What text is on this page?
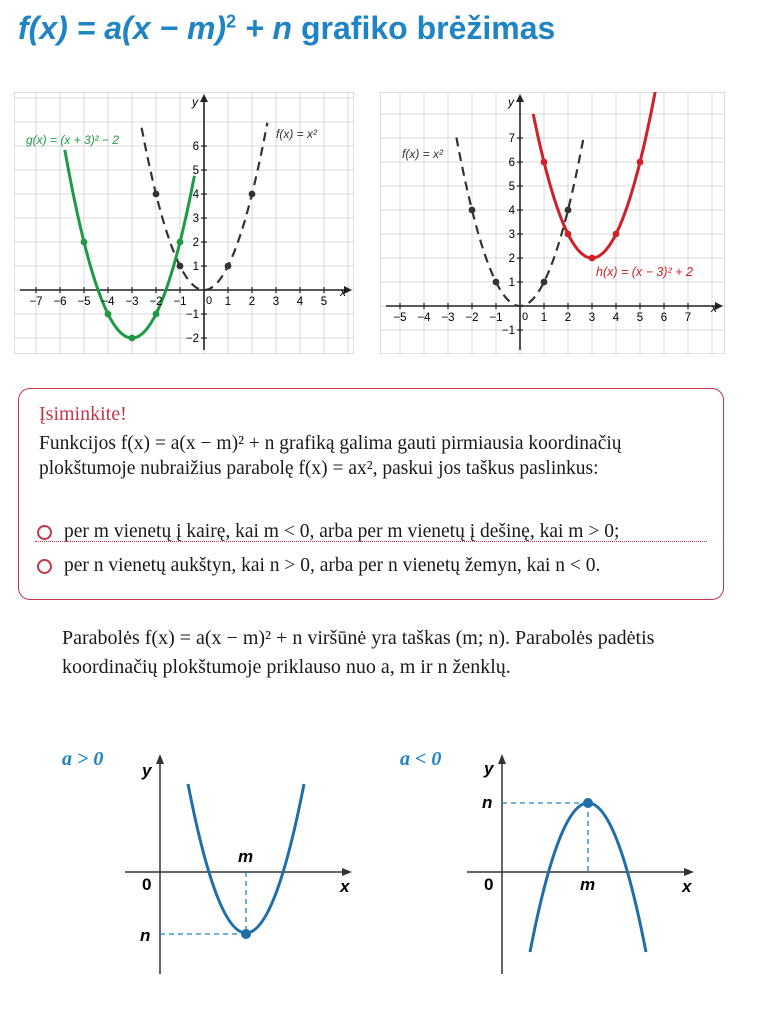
$f(x) = a(x - m)^2 + n$ grafiko brėžimas
x
y
0
−7 −6 −5 −4 −3 −2 −1	1 2 3 4 5
6
5
4
3
2
1
−1
−2
g(x) = (x + 3)² − 2	f(x) = x²
x
y
0
−5 −4 −3 −2 −1	1 2 3 4 5 6 7
7
6
5
4
3
2
1
−1
f(x) = x²
h(x) = (x − 3)² + 2
Įsiminkite!
Funkcijos f(x) = a(x − m)² + n grafiką galima gauti pirmiausia koordinačių plokštumoje nubraižius parabolę f(x) = ax², paskui jos taškus paslinkus:
per m vienetų į kairę, kai m < 0, arba per m vienetų į dešinę, kai m > 0;
per n vienetų aukštyn, kai n > 0, arba per n vienetų žemyn, kai n < 0.
Parabolės f(x) = a(x − m)² + n viršūnė yra taškas (m; n). Parabolės padėtis koordinačių plokštumoje priklauso nuo a, m ir n ženklų.
a > 0	a < 0
y
x
0
m
n
y
x
0	m
n
